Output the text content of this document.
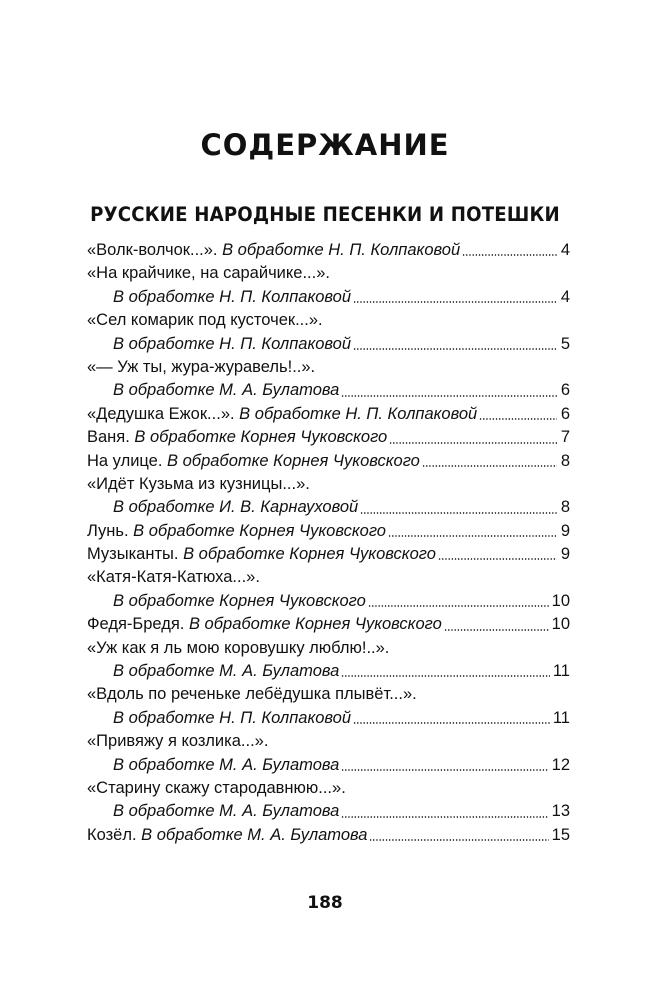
СОДЕРЖАНИЕ
РУССКИЕ НАРОДНЫЕ ПЕСЕНКИ И ПОТЕШКИ
«Волк-волчок...». В обработке Н. П. Колпаковой	4
«На крайчике, на сарайчике...».
В обработке Н. П. Колпаковой	4
«Сел комарик под кусточек...».
В обработке Н. П. Колпаковой	5
«— Уж ты, журa-журавель!..».
В обработке М. А. Булатова	6
«Дедушка Ежок...». В обработке Н. П. Колпаковой	6
Ваня. В обработке Корнея Чуковского	7
На улице. В обработке Корнея Чуковского	8
«Идёт Кузьма из кузницы...».
В обработке И. В. Карнауховой	8
Лунь. В обработке Корнея Чуковского	9
Музыканты. В обработке Корнея Чуковского	9
«Катя-Катя-Катюха...».
В обработке Корнея Чуковского	10
Федя-Бредя. В обработке Корнея Чуковского	10
«Уж как я ль мою коровушку люблю!..».
В обработке М. А. Булатова	11
«Вдоль по реченьке лебёдушка плывёт...».
В обработке Н. П. Колпаковой	11
«Привяжу я козлика...».
В обработке М. А. Булатова	12
«Старину скажу стародавнюю...».
В обработке М. А. Булатова	13
Козёл. В обработке М. А. Булатова	15
188
